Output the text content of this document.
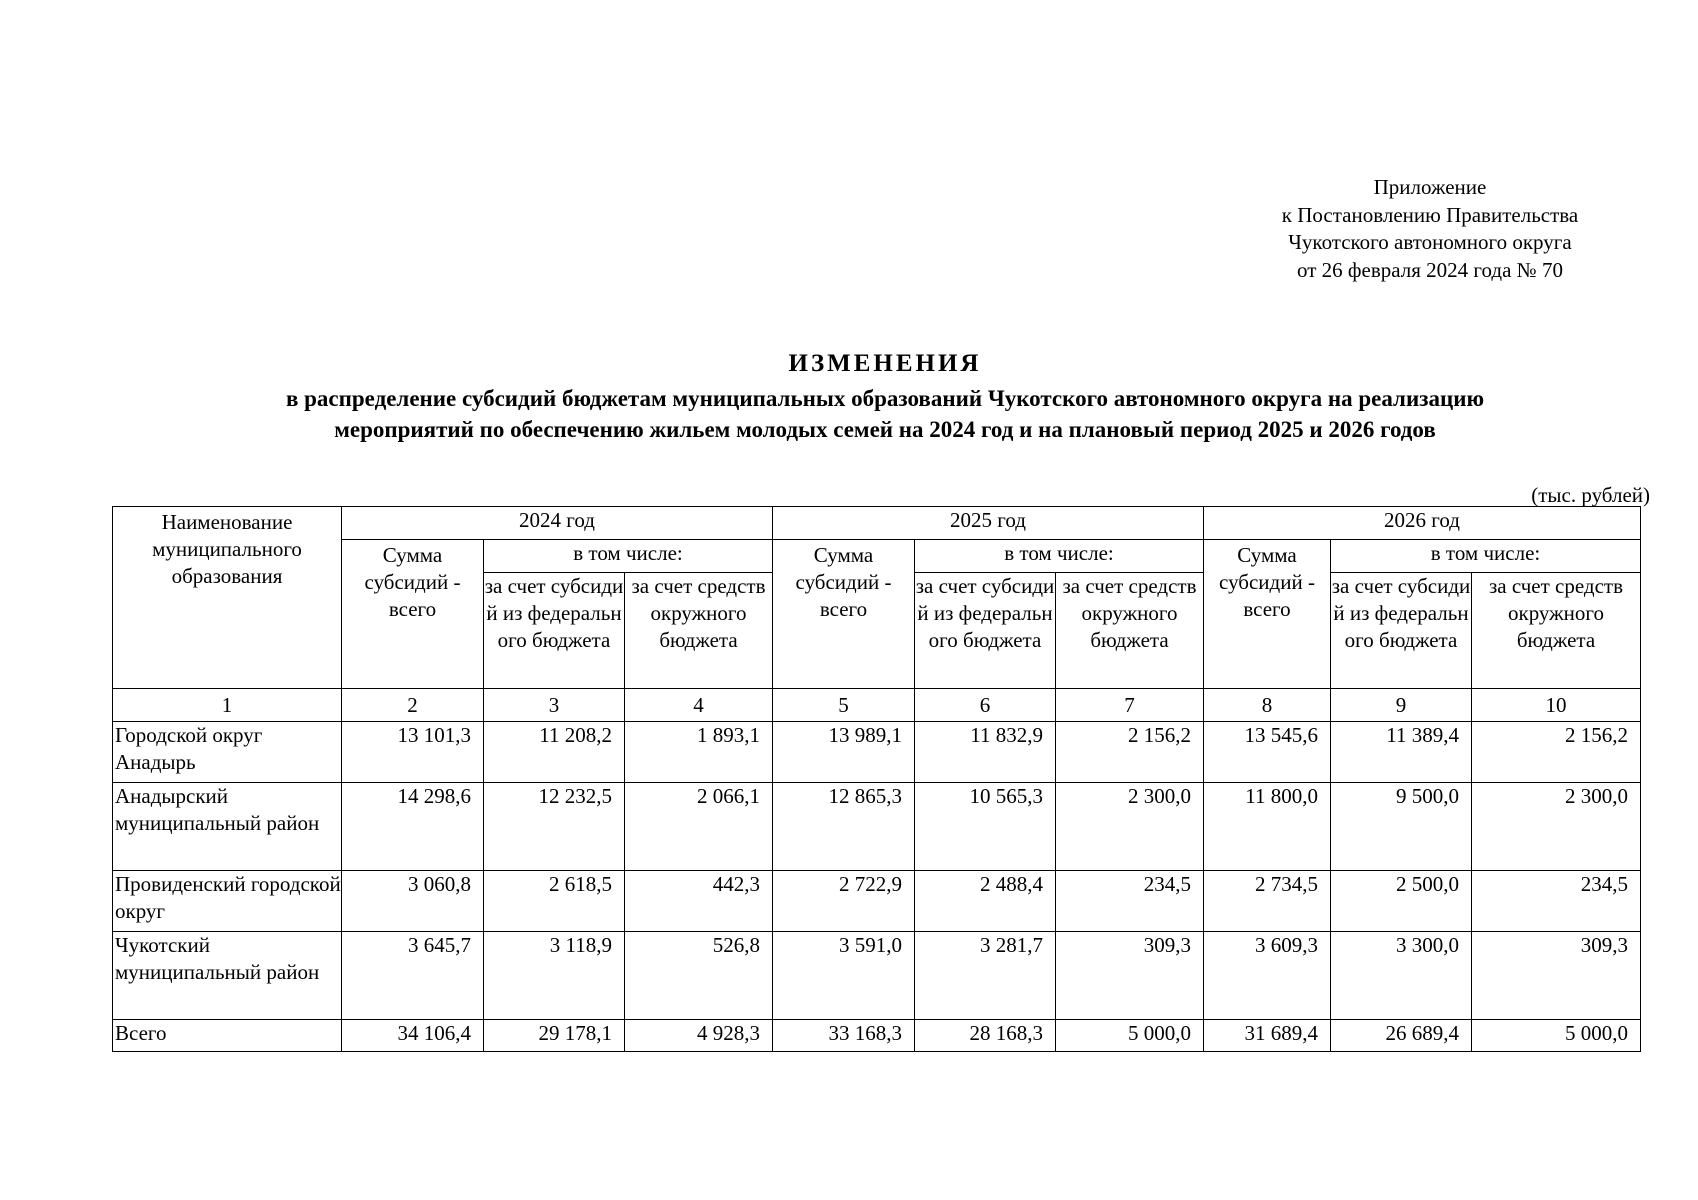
Приложение
к Постановлению Правительства
Чукотского автономного округа
от 26 февраля 2024 года № 70
ИЗМЕНЕНИЯ
в распределение субсидий бюджетам муниципальных образований Чукотского автономного округа на реализацию
мероприятий по обеспечению жильем молодых семей на 2024 год и на плановый период 2025 и 2026 годов
(тыс. рублей)
Наименование муниципального образования	2024 год			2025 год			2026 год		
	Сумма субсидий - всего	в том числе:		Сумма субсидий - всего	в том числе:		Сумма субсидий - всего	в том числе:	
		за счет субсидий из федерального бюджета	за счет средств окружного бюджета		за счет субсидий из федерального бюджета	за счет средств окружного бюджета		за счет субсидий из федерального бюджета	за счет средств окружного бюджета
1	2	3	4	5	6	7	8	9	10
Городской округ Анадырь	13 101,3	11 208,2	1 893,1	13 989,1	11 832,9	2 156,2	13 545,6	11 389,4	2 156,2
Анадырский муниципальный район	14 298,6	12 232,5	2 066,1	12 865,3	10 565,3	2 300,0	11 800,0	9 500,0	2 300,0
Провиденский городской округ	3 060,8	2 618,5	442,3	2 722,9	2 488,4	234,5	2 734,5	2 500,0	234,5
Чукотский муниципальный район	3 645,7	3 118,9	526,8	3 591,0	3 281,7	309,3	3 609,3	3 300,0	309,3
Всего	34 106,4	29 178,1	4 928,3	33 168,3	28 168,3	5 000,0	31 689,4	26 689,4	5 000,0
